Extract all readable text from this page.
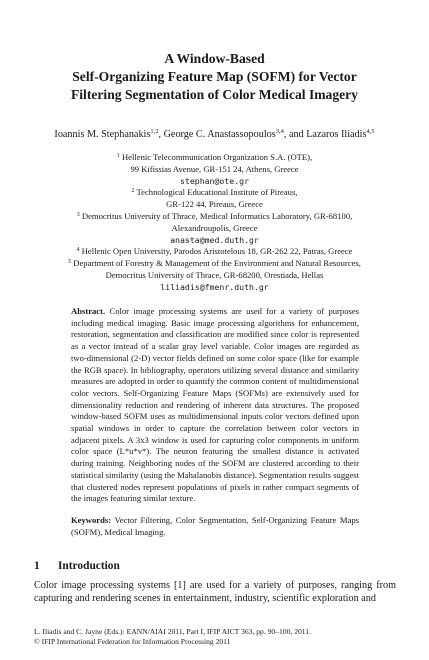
A Window-Based
Self-Organizing Feature Map (SOFM) for Vector
Filtering Segmentation of Color Medical Imagery
Ioannis M. Stephanakis$^{1,2}$, George C. Anastassopoulos$^{3,4}$, and Lazaros Iliadis$^{4,5}$
$^1$ Hellenic Telecommunication Organization S.A. (OTE),
99 Kifissias Avenue, GR-151 24, Athens, Greece
stephan@ote.gr
$^2$ Technological Educational Institute of Pireaus,
GR-122 44, Pireaus, Greece
$^3$ Democritus University of Thrace, Medical Informatics Laboratory, GR-68100,
Alexandroupolis, Greece
anasta@med.duth.gr
$^4$ Hellenic Open University, Parodos Aristotelous 18, GR-262 22, Patras, Greece
$^5$ Department of Forestry & Management of the Environment and Natural Resources,
Democritus University of Thrace, GR-68200, Orestiada, Hellas
liliadis@fmenr.duth.gr
Abstract. Color image processing systems are used for a variety of purposes including medical imaging. Basic image processing algorithms for enhancement, restoration, segmentation and classification are modified since color is represented as a vector instead of a scalar gray level variable. Color images are regarded as two-dimensional (2-D) vector fields defined on some color space (like for example the RGB space). In bibliography, operators utilizing several distance and similarity measures are adopted in order to quantify the common content of multidimensional color vectors. Self-Organizing Feature Maps (SOFMs) are extensively used for dimensionality reduction and rendering of inherent data structures. The proposed window-based SOFM uses as multidimensional inputs color vectors defined upon spatial windows in order to capture the correlation between color vectors in adjacent pixels. A 3x3 window is used for capturing color components in uniform color space (L*u*v*). The neuron featuring the smallest distance is activated during training. Neighboring nodes of the SOFM are clustered according to their statistical similarity (using the Mahalanobis distance). Segmentation results suggest that clustered nodes represent populations of pixels in rather compact segments of the images featuring similar texture.
Keywords: Vector Filtering, Color Segmentation, Self-Organizing Feature Maps (SOFM), Medical Imaging.
1 Introduction
Color image processing systems [1] are used for a variety of purposes, ranging from capturing and rendering scenes in entertainment, industry, scientific exploration and
L. Iliadis and C. Jayne (Eds.): EANN/AIAI 2011, Part I, IFIP AICT 363, pp. 90–100, 2011.
© IFIP International Federation for Information Processing 2011
